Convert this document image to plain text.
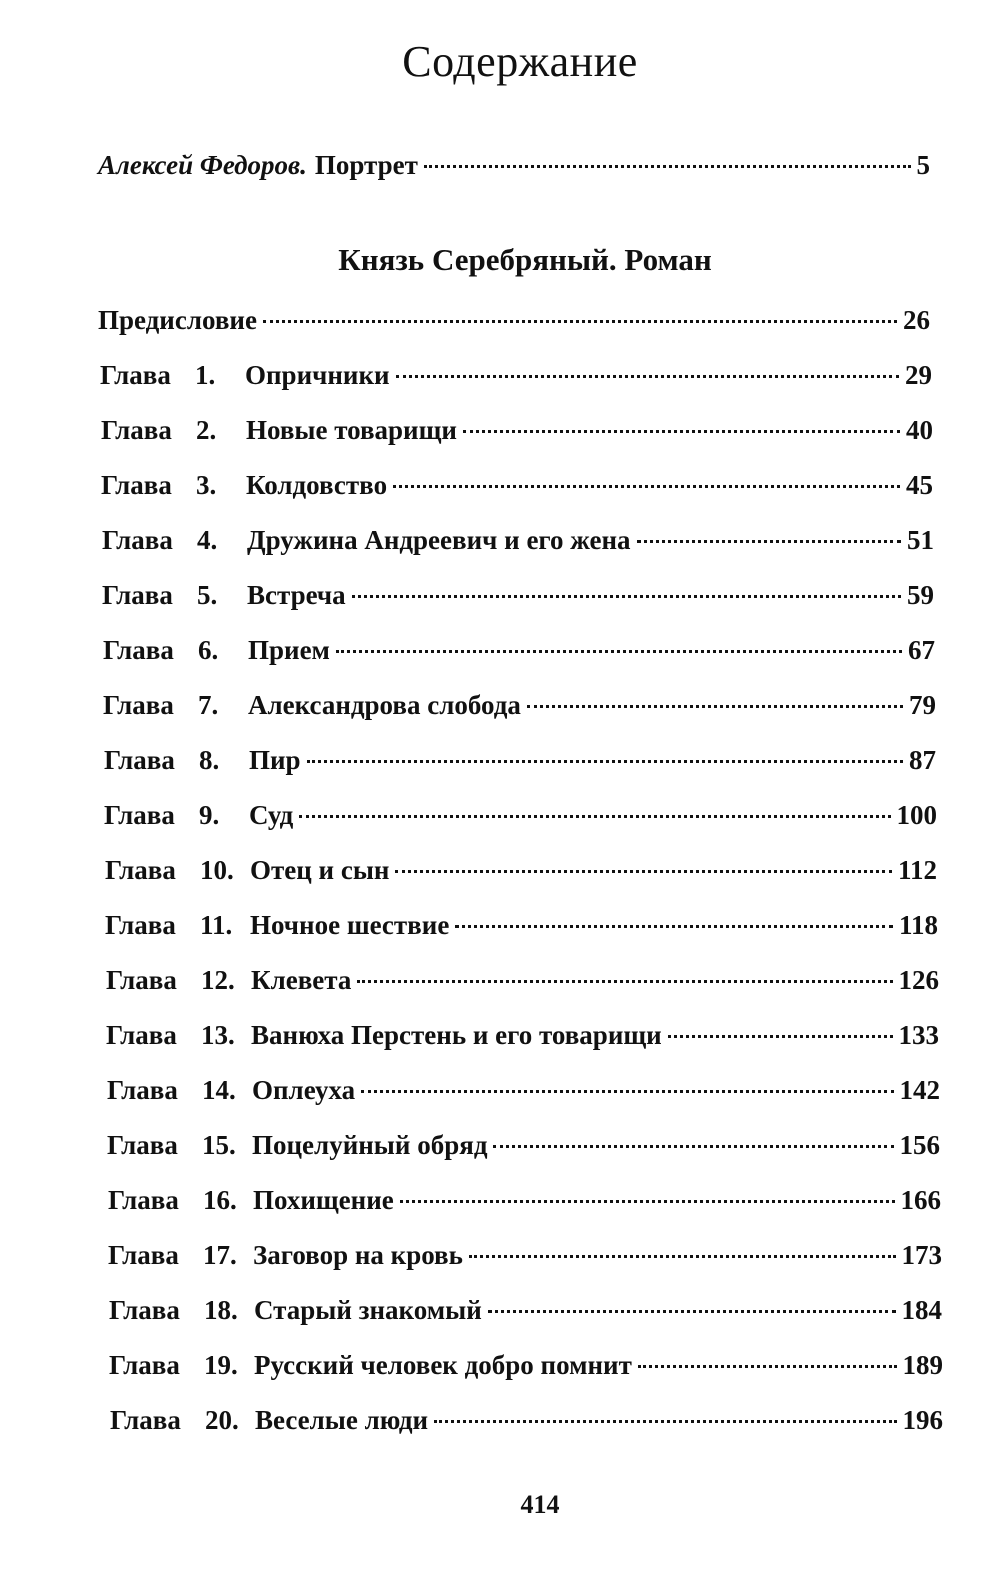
Содержание
Алексей Федоров. Портрет	5
Князь Серебряный. Роман
Предисловие	26
Глава 1.	Опричники	29
Глава 2.	Новые товарищи	40
Глава 3.	Колдовство	45
Глава 4.	Дружина Андреевич и его жена	51
Глава 5.	Встреча	59
Глава 6.	Прием	67
Глава 7.	Александрова слобода	79
Глава 8.	Пир	87
Глава 9.	Суд	100
Глава 10. Отец и сын	112
Глава 11. Ночное шествие	118
Глава 12. Клевета	126
Глава 13. Ванюха Перстень и его товарищи	133
Глава 14. Оплеуха	142
Глава 15. Поцелуйный обряд	156
Глава 16. Похищение	166
Глава 17. Заговор на кровь	173
Глава 18. Старый знакомый	184
Глава 19. Русский человек добро помнит	189
Глава 20. Веселые люди	196
414
